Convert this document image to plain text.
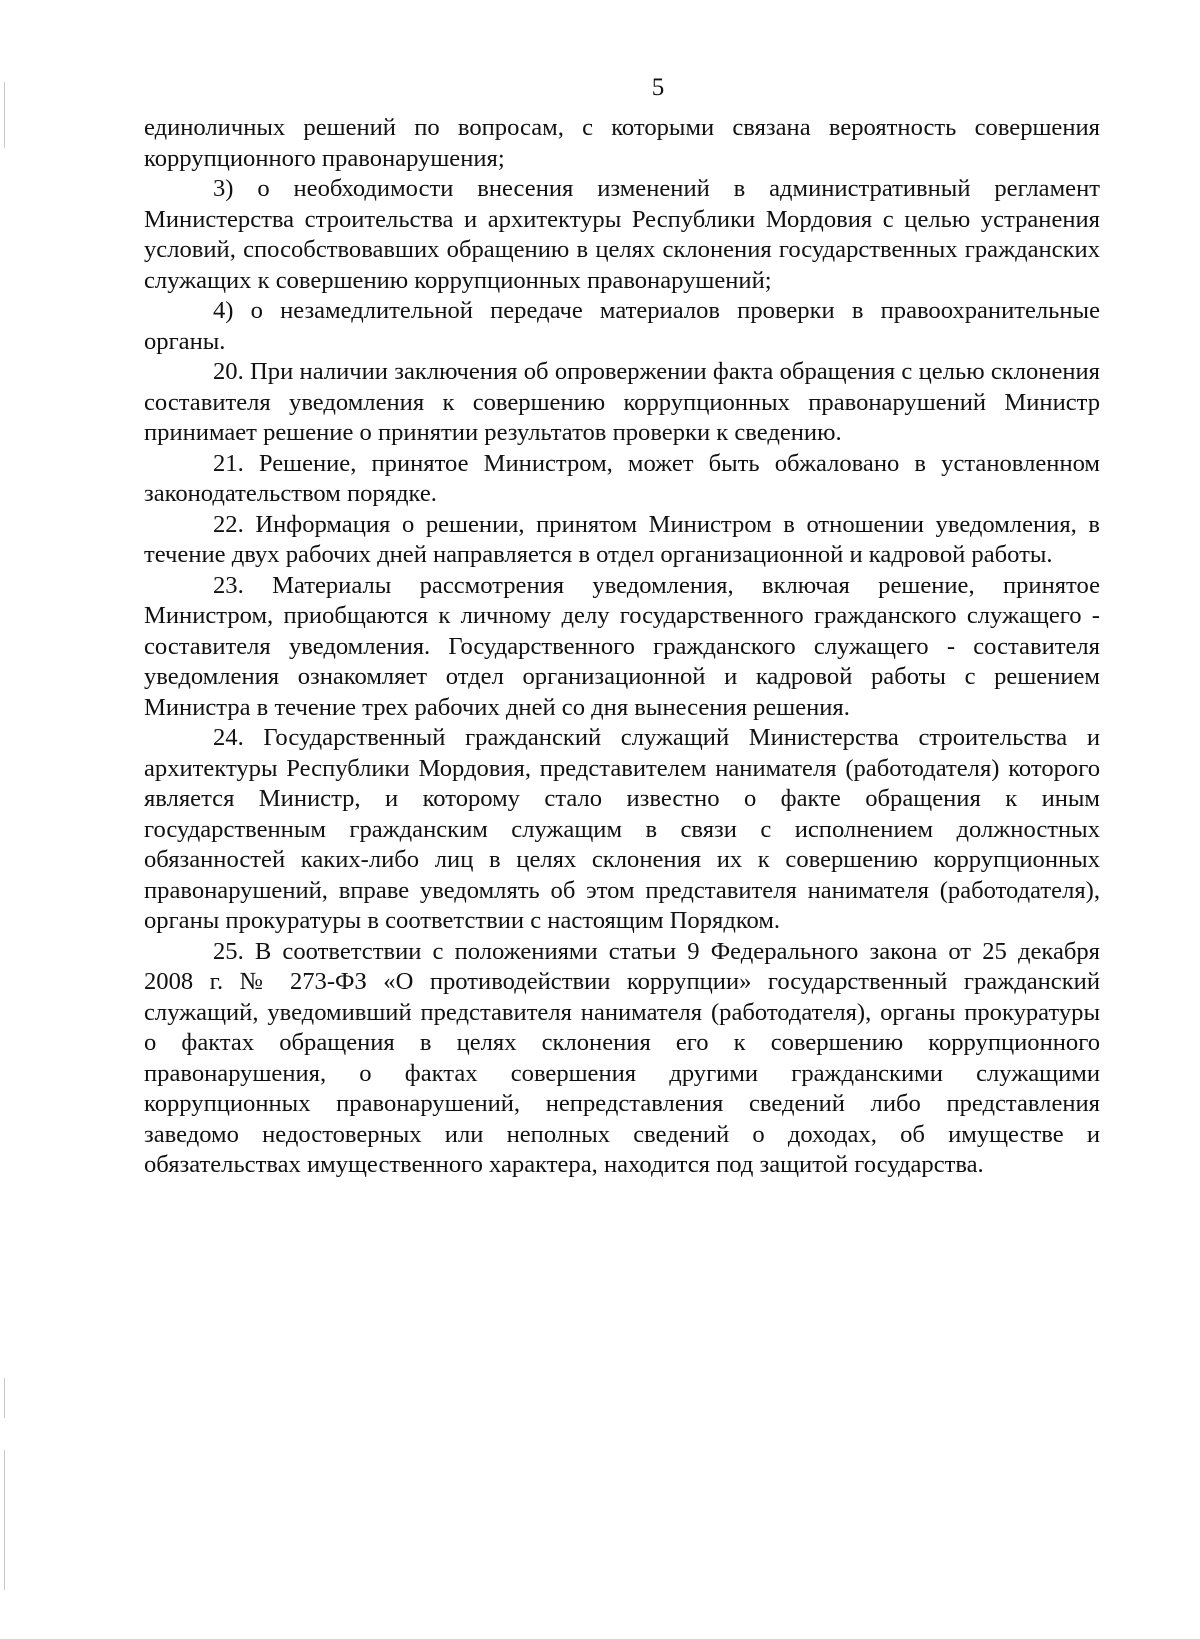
5

единоличных решений по вопросам, с которыми связана вероятность совершения коррупционного правонарушения;

3) о необходимости внесения изменений в административный регламент Министерства строительства и архитектуры Республики Мордовия с целью устранения условий, способствовавших обращению в целях склонения государственных гражданских служащих к совершению коррупционных правонарушений;

4) о незамедлительной передаче материалов проверки в правоохранительные органы.

20. При наличии заключения об опровержении факта обращения с целью склонения составителя уведомления к совершению коррупционных правонарушений Министр принимает решение о принятии результатов проверки к сведению.

21. Решение, принятое Министром, может быть обжаловано в установленном законодательством порядке.

22. Информация о решении, принятом Министром в отношении уведомления, в течение двух рабочих дней направляется в отдел организационной и кадровой работы.

23. Материалы рассмотрения уведомления, включая решение, принятое Министром, приобщаются к личному делу государственного гражданского служащего - составителя уведомления. Государственного гражданского служащего - составителя уведомления ознакомляет отдел организационной и кадровой работы с решением Министра в течение трех рабочих дней со дня вынесения решения.

24. Государственный гражданский служащий Министерства строительства и архитектуры Республики Мордовия, представителем нанимателя (работодателя) которого является Министр, и которому стало известно о факте обращения к иным государственным гражданским служащим в связи с исполнением должностных обязанностей каких-либо лиц в целях склонения их к совершению коррупционных правонарушений, вправе уведомлять об этом представителя нанимателя (работодателя), органы прокуратуры в соответствии с настоящим Порядком.

25. В соответствии с положениями статьи 9 Федерального закона от 25 декабря 2008 г. № 273-ФЗ «О противодействии коррупции» государственный гражданский служащий, уведомивший представителя нанимателя (работодателя), органы прокуратуры о фактах обращения в целях склонения его к совершению коррупционного правонарушения, о фактах совершения другими гражданскими служащими коррупционных правонарушений, непредставления сведений либо представления заведомо недостоверных или неполных сведений о доходах, об имуществе и обязательствах имущественного характера, находится под защитой государства.
